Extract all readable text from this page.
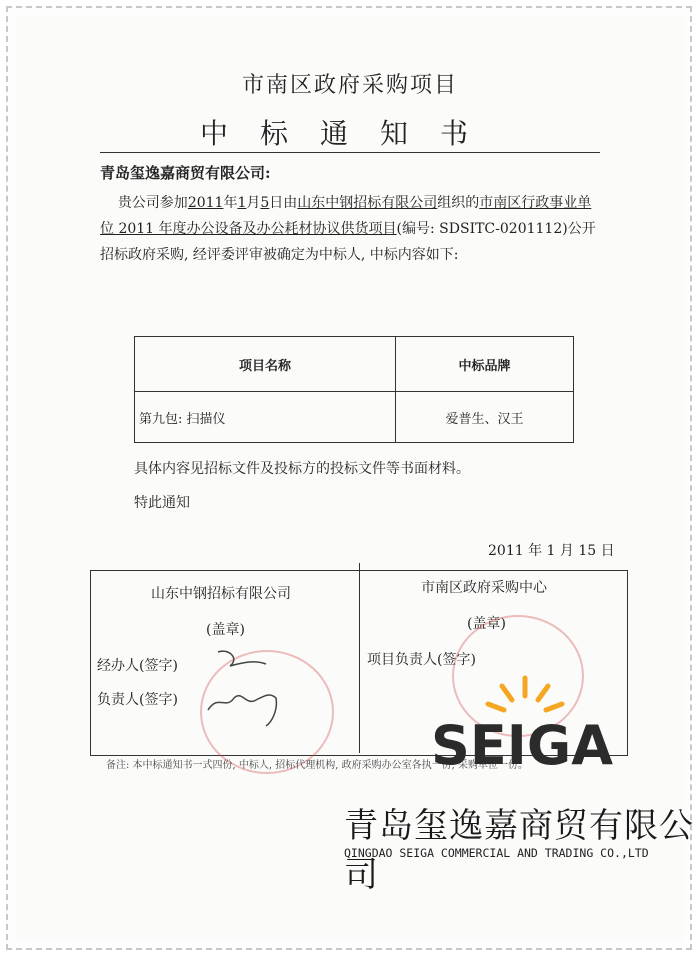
市南区政府采购项目
中标通知书
青岛玺逸嘉商贸有限公司:

贵公司参加2011年1月5日由山东中钢招标有限公司组织的市南区行政事业单位 2011 年度办公设备及办公耗材协议供货项目(编号: SDSITC-0201112)公开招标政府采购, 经评委评审被确定为中标人, 中标内容如下:

项目名称	中标品牌
第九包: 扫描仪	爱普生、汉王
具体内容见招标文件及投标方的投标文件等书面材料。
特此通知
2011 年 1 月 15 日
山东中钢招标有限公司
(盖章)
经办人(签字)
负责人(签字)
市南区政府采购中心
(盖章)
项目负责人(签字)
备注: 本中标通知书一式四份, 中标人, 招标代理机构, 政府采购办公室各执一份, 采购单位一份。
SEIGA
青岛玺逸嘉商贸有限公司
QINGDAO SEIGA COMMERCIAL AND TRADING CO.,LTD
